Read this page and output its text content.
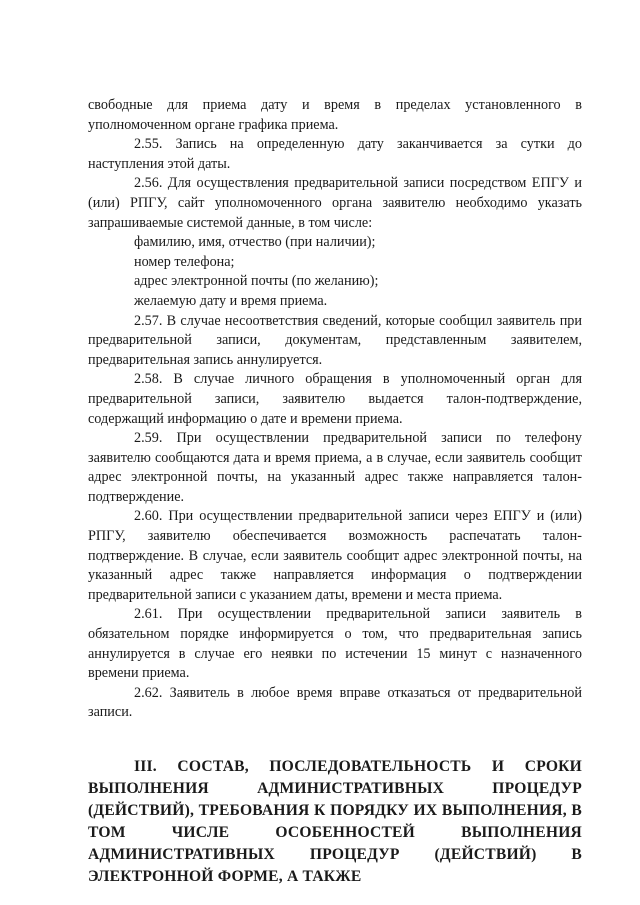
свободные для приема дату и время в пределах установленного в уполномоченном органе графика приема.

2.55. Запись на определенную дату заканчивается за сутки до наступления этой даты.

2.56. Для осуществления предварительной записи посредством ЕПГУ и (или) РПГУ, сайт уполномоченного органа заявителю необходимо указать запрашиваемые системой данные, в том числе:

фамилию, имя, отчество (при наличии);

номер телефона;

адрес электронной почты (по желанию);

желаемую дату и время приема.

2.57. В случае несоответствия сведений, которые сообщил заявитель при предварительной записи, документам, представленным заявителем, предварительная запись аннулируется.

2.58. В случае личного обращения в уполномоченный орган для предварительной записи, заявителю выдается талон-подтверждение, содержащий информацию о дате и времени приема.

2.59. При осуществлении предварительной записи по телефону заявителю сообщаются дата и время приема, а в случае, если заявитель сообщит адрес электронной почты, на указанный адрес также направляется талон-подтверждение.

2.60. При осуществлении предварительной записи через ЕПГУ и (или) РПГУ, заявителю обеспечивается возможность распечатать талон-подтверждение. В случае, если заявитель сообщит адрес электронной почты, на указанный адрес также направляется информация о подтверждении предварительной записи с указанием даты, времени и места приема.

2.61. При осуществлении предварительной записи заявитель в обязательном порядке информируется о том, что предварительная запись аннулируется в случае его неявки по истечении 15 минут с назначенного времени приема.

2.62. Заявитель в любое время вправе отказаться от предварительной записи.

III. СОСТАВ, ПОСЛЕДОВАТЕЛЬНОСТЬ И СРОКИ ВЫПОЛНЕНИЯ АДМИНИСТРАТИВНЫХ ПРОЦЕДУР (ДЕЙСТВИЙ), ТРЕБОВАНИЯ К ПОРЯДКУ ИХ ВЫПОЛНЕНИЯ, В ТОМ ЧИСЛЕ ОСОБЕННОСТЕЙ ВЫПОЛНЕНИЯ АДМИНИСТРАТИВНЫХ ПРОЦЕДУР (ДЕЙСТВИЙ) В ЭЛЕКТРОННОЙ ФОРМЕ, А ТАКЖЕ
